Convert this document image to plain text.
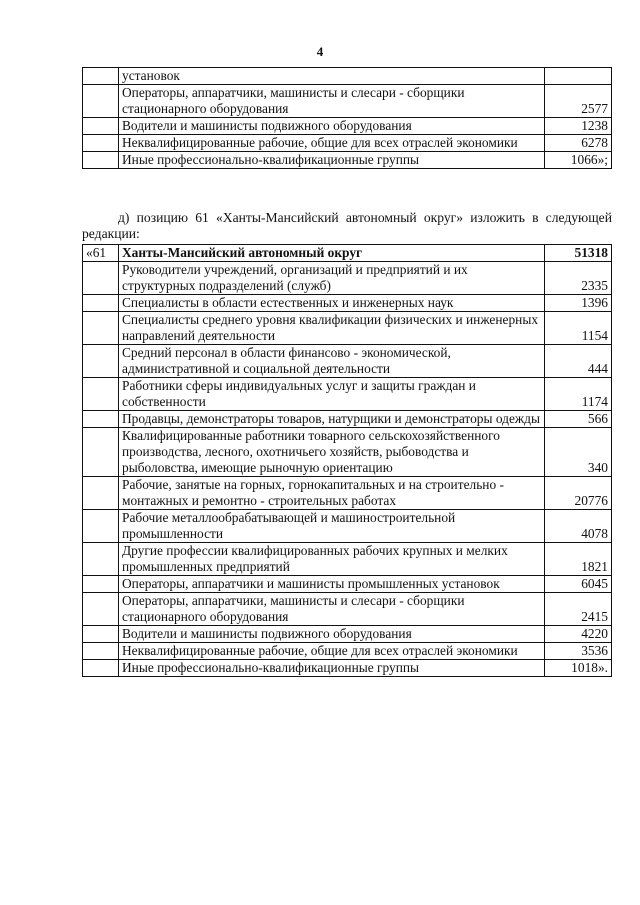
4
	установок	
	Операторы, аппаратчики, машинисты и слесари - сборщики стационарного оборудования	2577
	Водители и машинисты подвижного оборудования	1238
	Неквалифицированные рабочие, общие для всех отраслей экономики	6278
	Иные профессионально-квалификационные группы	1066»;
д) позицию 61 «Ханты-Мансийский автономный округ» изложить в следующей редакции:
«61	Ханты-Мансийский автономный округ	51318
	Руководители учреждений, организаций и предприятий и их структурных подразделений (служб)	2335
	Специалисты в области естественных и инженерных наук	1396
	Специалисты среднего уровня квалификации физических и инженерных направлений деятельности	1154
	Средний персонал в области финансово - экономической, административной и социальной деятельности	444
	Работники сферы индивидуальных услуг и защиты граждан и собственности	1174
	Продавцы, демонстраторы товаров, натурщики и демонстраторы одежды	566
	Квалифицированные работники товарного сельскохозяйственного производства, лесного, охотничьего хозяйств, рыбоводства и рыболовства, имеющие рыночную ориентацию	340
	Рабочие, занятые на горных, горнокапитальных и на строительно - монтажных и ремонтно - строительных работах	20776
	Рабочие металлообрабатывающей и машиностроительной промышленности	4078
	Другие профессии квалифицированных рабочих крупных и мелких промышленных предприятий	1821
	Операторы, аппаратчики и машинисты промышленных установок	6045
	Операторы, аппаратчики, машинисты и слесари - сборщики стационарного оборудования	2415
	Водители и машинисты подвижного оборудования	4220
	Неквалифицированные рабочие, общие для всех отраслей экономики	3536
	Иные профессионально-квалификационные группы	1018».
